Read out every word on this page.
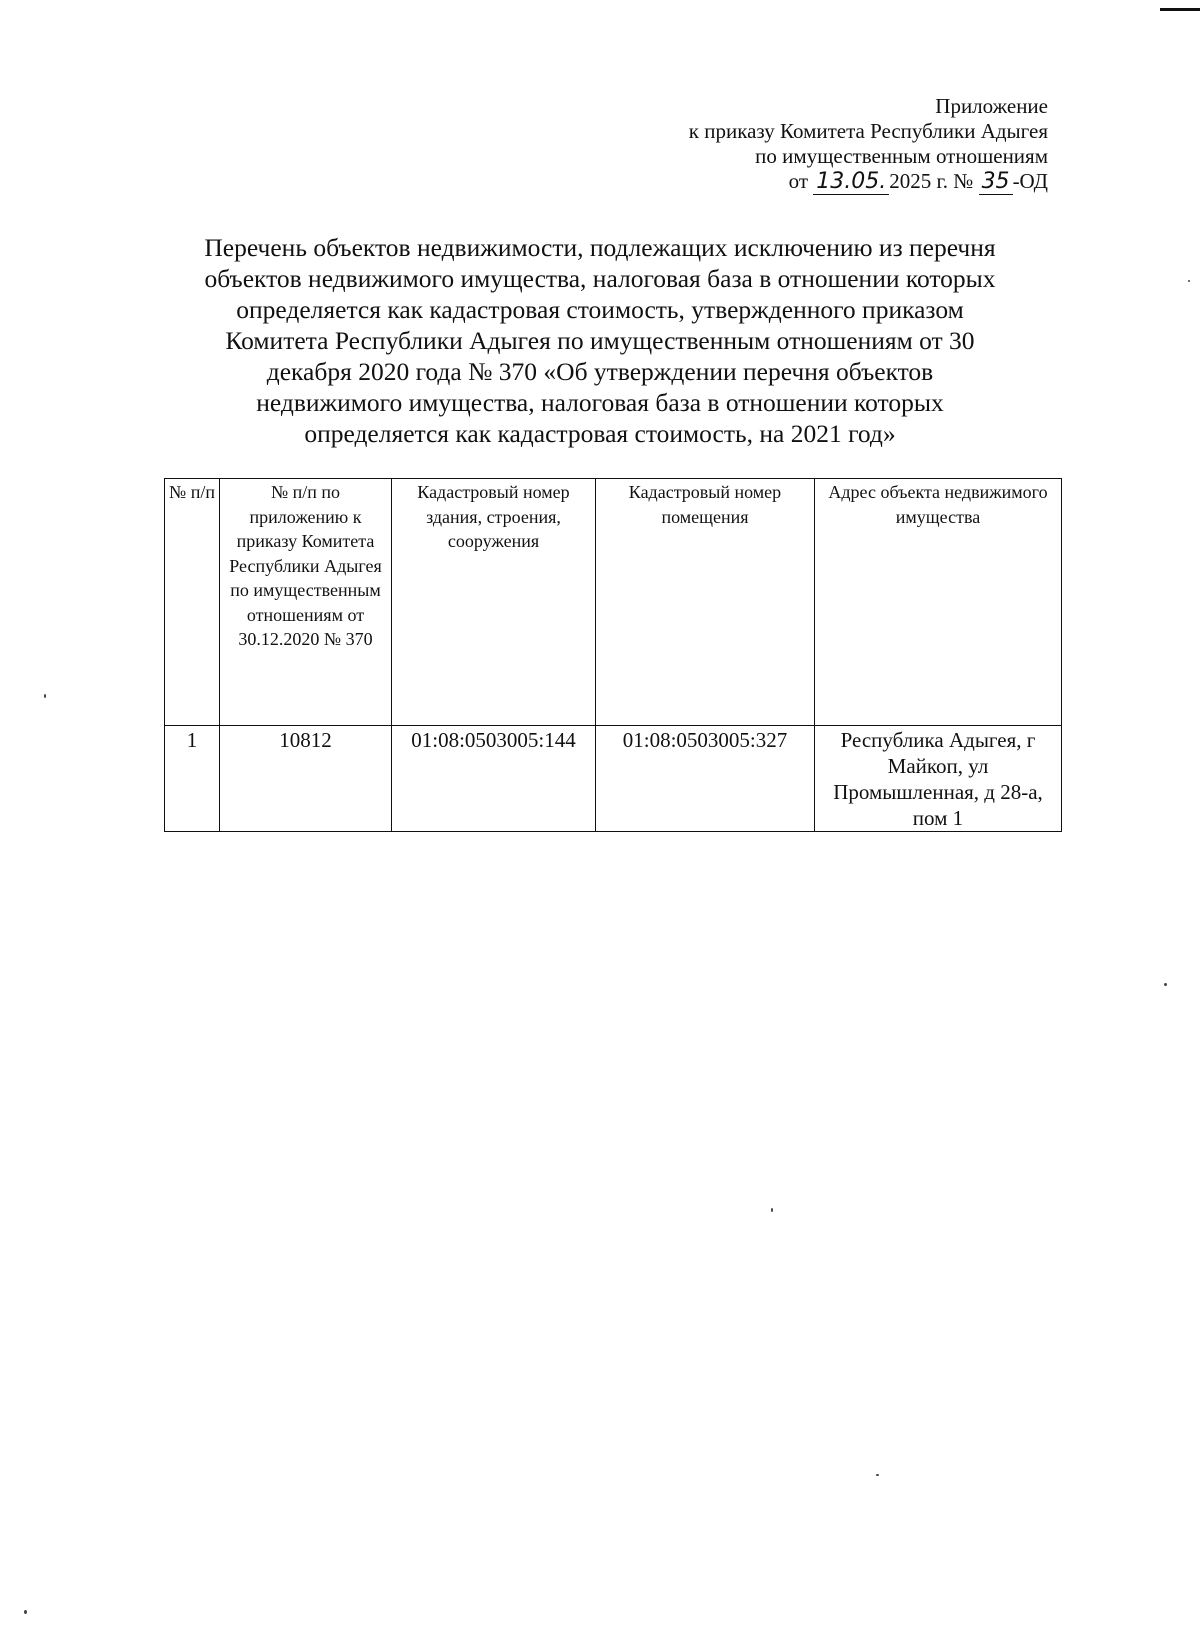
Приложение
к приказу Комитета Республики Адыгея
по имущественным отношениям
от 13.05. 2025 г. № 35 -ОД
Перечень объектов недвижимости, подлежащих исключению из перечня
объектов недвижимого имущества, налоговая база в отношении которых
определяется как кадастровая стоимость, утвержденного приказом
Комитета Республики Адыгея по имущественным отношениям от 30
декабря 2020 года № 370 «Об утверждении перечня объектов
недвижимого имущества, налоговая база в отношении которых
определяется как кадастровая стоимость, на 2021 год»
№ п/п	№ п/п по приложению к приказу Комитета Республики Адыгея по имущественным отношениям от 30.12.2020 № 370	Кадастровый номер здания, строения, сооружения	Кадастровый номер помещения	Адрес объекта недвижимого имущества
1	10812	01:08:0503005:144	01:08:0503005:327	Республика Адыгея, г Майкоп, ул Промышленная, д 28-а, пом 1
